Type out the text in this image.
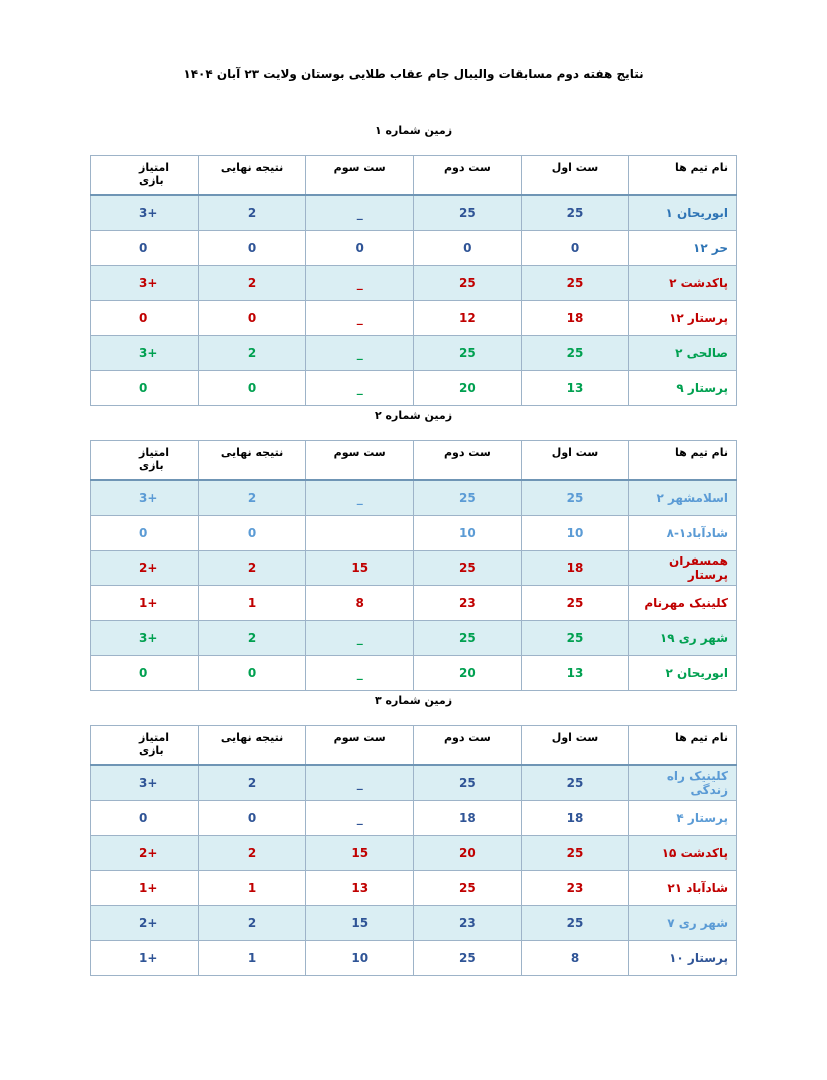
نتایج هفته دوم مسابقات والیبال جام عقاب طلایی بوستان ولایت ۲۳ آبان ۱۴۰۴
زمین شماره ۱
نام تیم ها	ست اول	ست دوم	ست سوم	نتیجه نهایی	امتیاز بازی
ابوریحان ۱	25	25	_	2	+3
حر ۱۲	0	0	0	0	0
پاکدشت ۲	25	25	_	2	+3
پرستار ۱۲	18	12	_	0	0
صالحی ۲	25	25	_	2	+3
پرستار ۹	13	20	_	0	0
زمین شماره ۲
نام تیم ها	ست اول	ست دوم	ست سوم	نتیجه نهایی	امتیاز بازی
اسلامشهر ۲	25	25	_	2	+3
شادآباد۱-۸	10	10		0	0
همسفران پرستار	18	25	15	2	+2
کلینیک مهرنام	25	23	8	1	+1
شهر ری ۱۹	25	25	_	2	+3
ابوریحان ۲	13	20	_	0	0
زمین شماره ۳
نام تیم ها	ست اول	ست دوم	ست سوم	نتیجه نهایی	امتیاز بازی
کلینیک راه زندگی	25	25	_	2	+3
پرستار ۴	18	18	_	0	0
پاکدشت ۱۵	25	20	15	2	+2
شادآباد ۲۱	23	25	13	1	+1
شهر ری ۷	25	23	15	2	+2
پرستار ۱۰	8	25	10	1	+1
